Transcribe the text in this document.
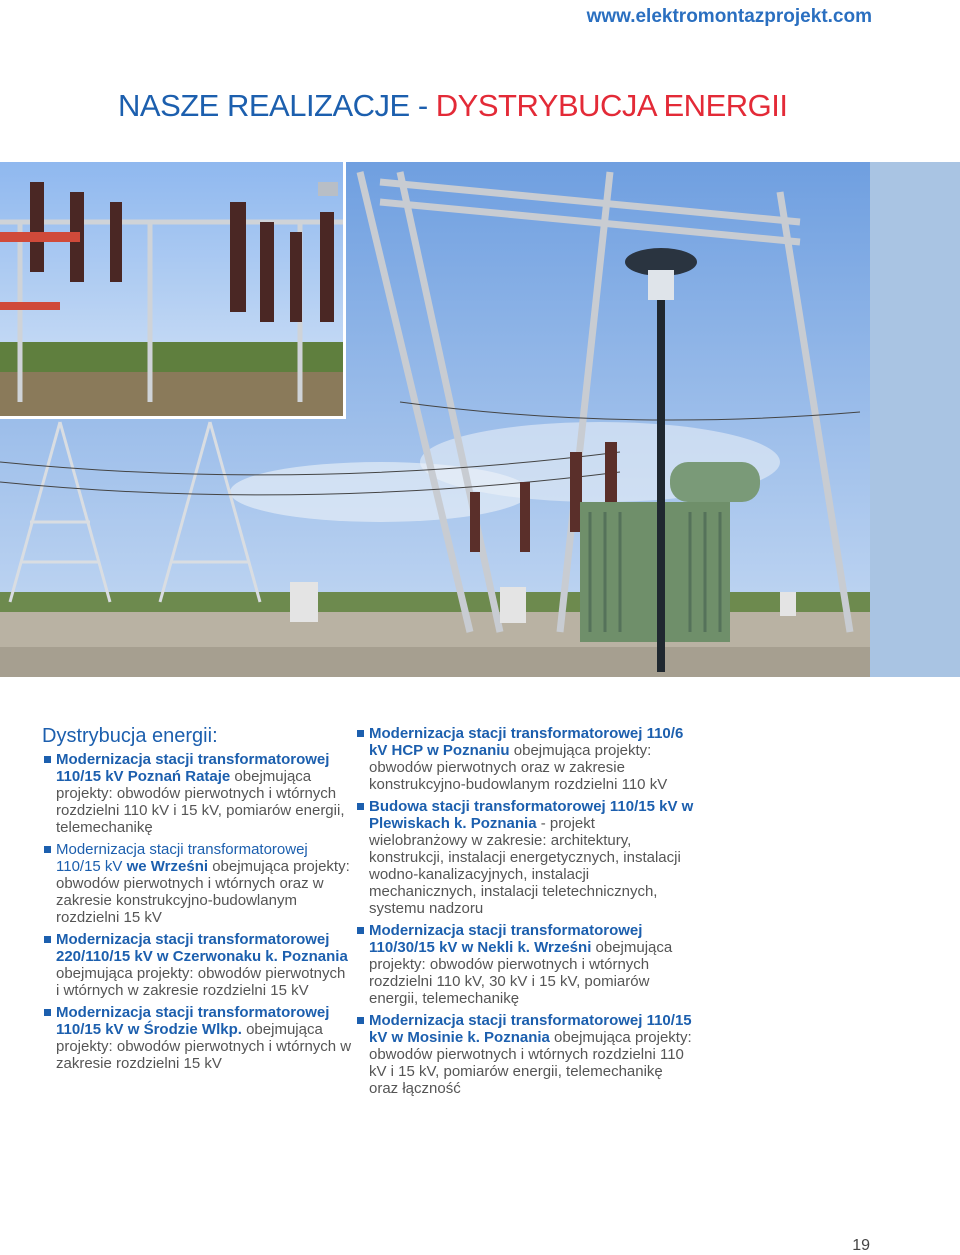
www.elektromontazprojekt.com
NASZE REALIZACJE - DYSTRYBUCJA ENERGII
Dystrybucja energii:
Modernizacja stacji transformatorowej 110/15 kV Poznań Rataje obejmująca projekty: obwodów pierwotnych i wtórnych rozdzielni 110 kV i 15 kV, pomiarów energii, telemechanikę
Modernizacja stacji transformatorowej 110/15 kV we Wrześni obejmująca projekty: obwodów pierwotnych i wtórnych oraz w zakresie konstrukcyjno-budowlanym rozdzielni 15 kV
Modernizacja stacji transformatorowej 220/110/15 kV w Czerwonaku k. Poznania obejmująca projekty: obwodów pierwotnych i wtórnych w zakresie rozdzielni 15 kV
Modernizacja stacji transformatorowej 110/15 kV w Środzie Wlkp. obejmująca projekty: obwodów pierwotnych i wtórnych w zakresie rozdzielni 15 kV
Modernizacja stacji transformatorowej 110/6 kV HCP w Poznaniu obejmująca projekty: obwodów pierwotnych oraz w zakresie konstrukcyjno-budowlanym rozdzielni 110 kV
Budowa stacji transformatorowej 110/15 kV w Plewiskach k. Poznania - projekt wielobranżowy w zakresie: architektury, konstrukcji, instalacji energetycznych, instalacji wodno-kanalizacyjnych, instalacji mechanicznych, instalacji teletechnicznych, systemu nadzoru
Modernizacja stacji transformatorowej 110/30/15 kV w Nekli k. Wrześni obejmująca projekty: obwodów pierwotnych i wtórnych rozdzielni 110 kV, 30 kV i 15 kV, pomiarów energii, telemechanikę
Modernizacja stacji transformatorowej 110/15 kV w Mosinie k. Poznania obejmująca projekty: obwodów pierwotnych i wtórnych rozdzielni 110 kV i 15 kV, pomiarów energii, telemechanikę oraz łączność
19
